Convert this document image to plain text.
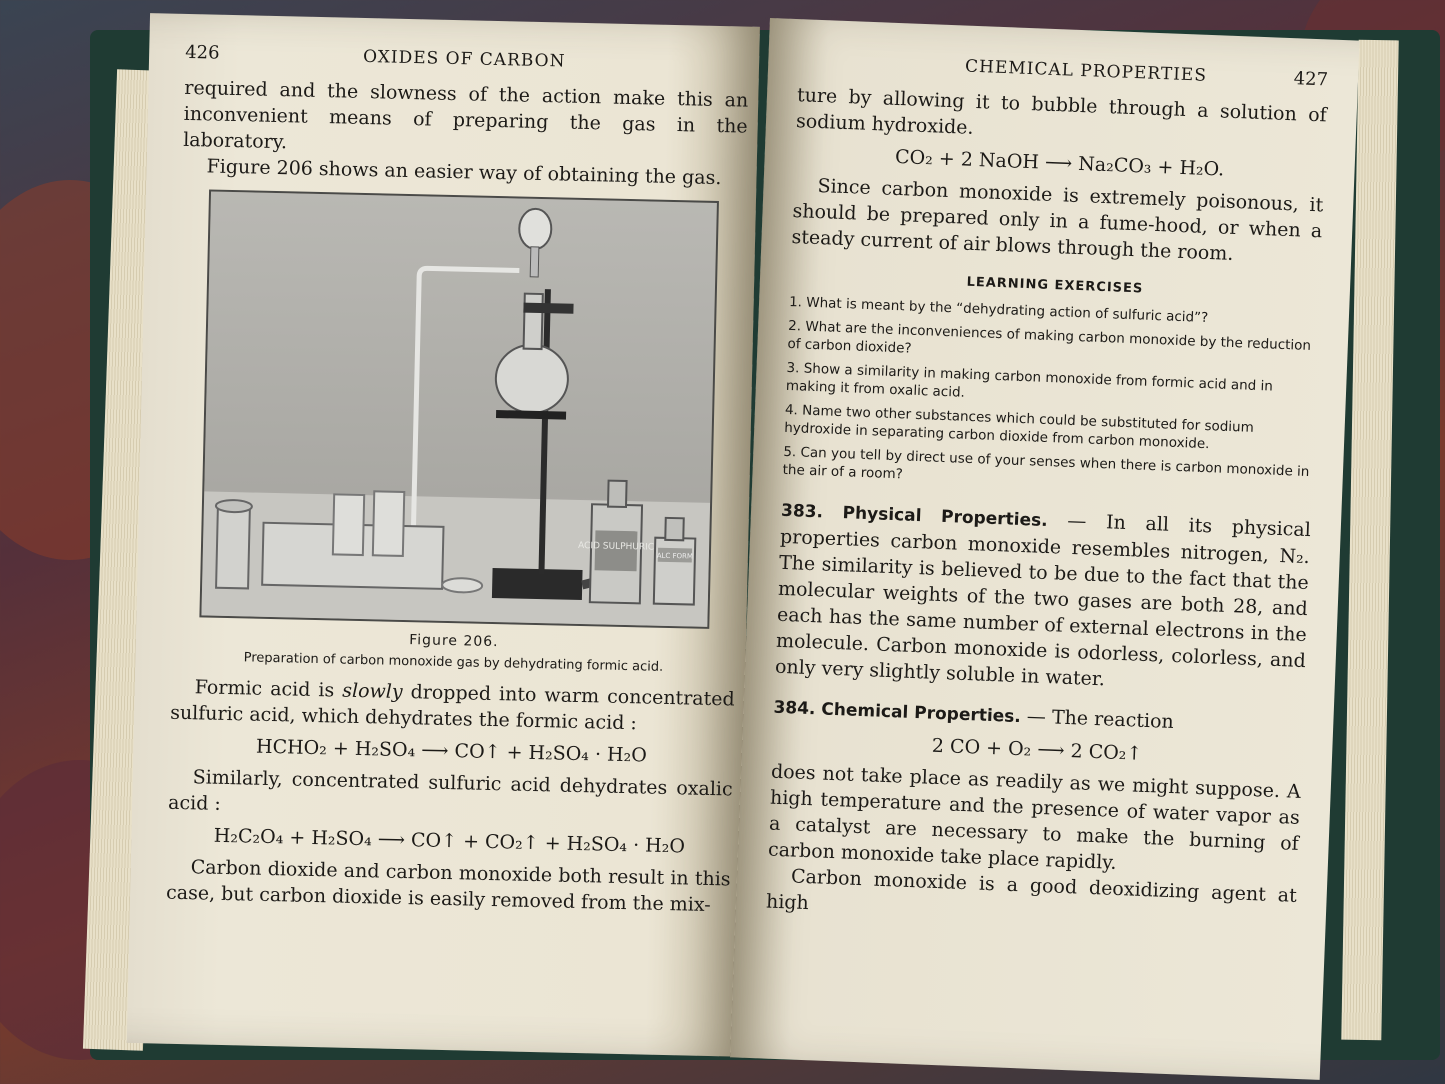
426	OXIDES OF CARBON

required and the slowness of the action make this an inconvenient means of preparing the gas in the laboratory.

Figure 206 shows an easier way of obtaining the gas.

ACID SULPHURIC
ALC FORM
Figure 206.
Preparation of carbon monoxide gas by dehydrating formic acid.

Formic acid is slowly dropped into warm concentrated sulfuric acid, which dehydrates the formic acid :

HCHO₂ + H₂SO₄ ⟶ CO↑ + H₂SO₄ · H₂O

Similarly, concentrated sulfuric acid dehydrates oxalic acid :

H₂C₂O₄ + H₂SO₄ ⟶ CO↑ + CO₂↑ + H₂SO₄ · H₂O

Carbon dioxide and carbon monoxide both result in this case, but carbon dioxide is easily removed from the mix-

CHEMICAL PROPERTIES	427

ture by allowing it to bubble through a solution of sodium hydroxide.

CO₂ + 2 NaOH ⟶ Na₂CO₃ + H₂O.

Since carbon monoxide is extremely poisonous, it should be prepared only in a fume-hood, or when a steady current of air blows through the room.

LEARNING EXERCISES

1. What is meant by the “dehydrating action of sulfuric acid”?

2. What are the inconveniences of making carbon monoxide by the reduction of carbon dioxide?

3. Show a similarity in making carbon monoxide from formic acid and in making it from oxalic acid.

4. Name two other substances which could be substituted for sodium hydroxide in separating carbon dioxide from carbon monoxide.

5. Can you tell by direct use of your senses when there is carbon monoxide in the air of a room?

383. Physical Properties. — In all its physical properties carbon monoxide resembles nitrogen, N₂. The similarity is believed to be due to the fact that the molecular weights of the two gases are both 28, and each has the same number of external electrons in the molecule. Carbon monoxide is odorless, colorless, and only very slightly soluble in water.

384. Chemical Properties. — The reaction

2 CO + O₂ ⟶ 2 CO₂↑

does not take place as readily as we might suppose. A high temperature and the presence of water vapor as a catalyst are necessary to make the burning of carbon monoxide take place rapidly.

Carbon monoxide is a good deoxidizing agent at high
